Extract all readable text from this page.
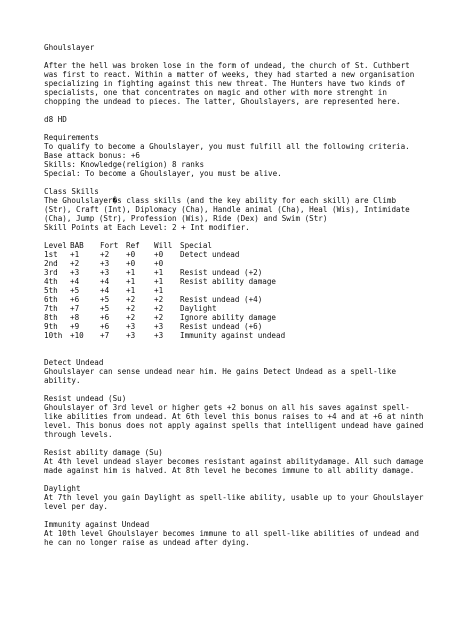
Ghoulslayer
After the hell was broken lose in the form of undead, the church of St. Cuthbert
was first to react. Within a matter of weeks, they had started a new organisation
specializing in fighting against this new threat. The Hunters have two kinds of
specialists, one that concentrates on magic and other with more strenght in
chopping the undead to pieces. The latter, Ghoulslayers, are represented here.
d8 HD
Requirements
To qualify to become a Ghoulslayer, you must fulfill all the following criteria.
Base attack bonus: +6
Skills: Knowledge(religion) 8 ranks
Special: To become a Ghoulslayer, you must be alive.
Class Skills
The Ghoulslayer�s class skills (and the key ability for each skill) are Climb
(Str), Craft (Int), Diplomacy (Cha), Handle animal (Cha), Heal (Wis), Intimidate
(Cha), Jump (Str), Profession (Wis), Ride (Dex) and Swim (Str)
Skill Points at Each Level: 2 + Int modifier.
Level	BAB	Fort	Ref	Will	Special
1st	+1	+2	+0	+0	Detect undead
2nd	+2	+3	+0	+0	
3rd	+3	+3	+1	+1	Resist undead (+2)
4th	+4	+4	+1	+1	Resist ability damage
5th	+5	+4	+1	+1	
6th	+6	+5	+2	+2	Resist undead (+4)
7th	+7	+5	+2	+2	Daylight
8th	+8	+6	+2	+2	Ignore ability damage
9th	+9	+6	+3	+3	Resist undead (+6)
10th	+10	+7	+3	+3	Immunity against undead
Detect Undead
Ghoulslayer can sense undead near him. He gains Detect Undead as a spell-like
ability.
Resist undead (Su)
Ghoulslayer of 3rd level or higher gets +2 bonus on all his saves against spell-
like abilities from undead. At 6th level this bonus raises to +4 and at +6 at ninth
level. This bonus does not apply against spells that intelligent undead have gained
through levels.
Resist ability damage (Su)
At 4th level undead slayer becomes resistant against abilitydamage. All such damage
made against him is halved. At 8th level he becomes immune to all ability damage.
Daylight
At 7th level you gain Daylight as spell-like ability, usable up to your Ghoulslayer
level per day.
Immunity against Undead
At 10th level Ghoulslayer becomes immune to all spell-like abilities of undead and
he can no longer raise as undead after dying.
